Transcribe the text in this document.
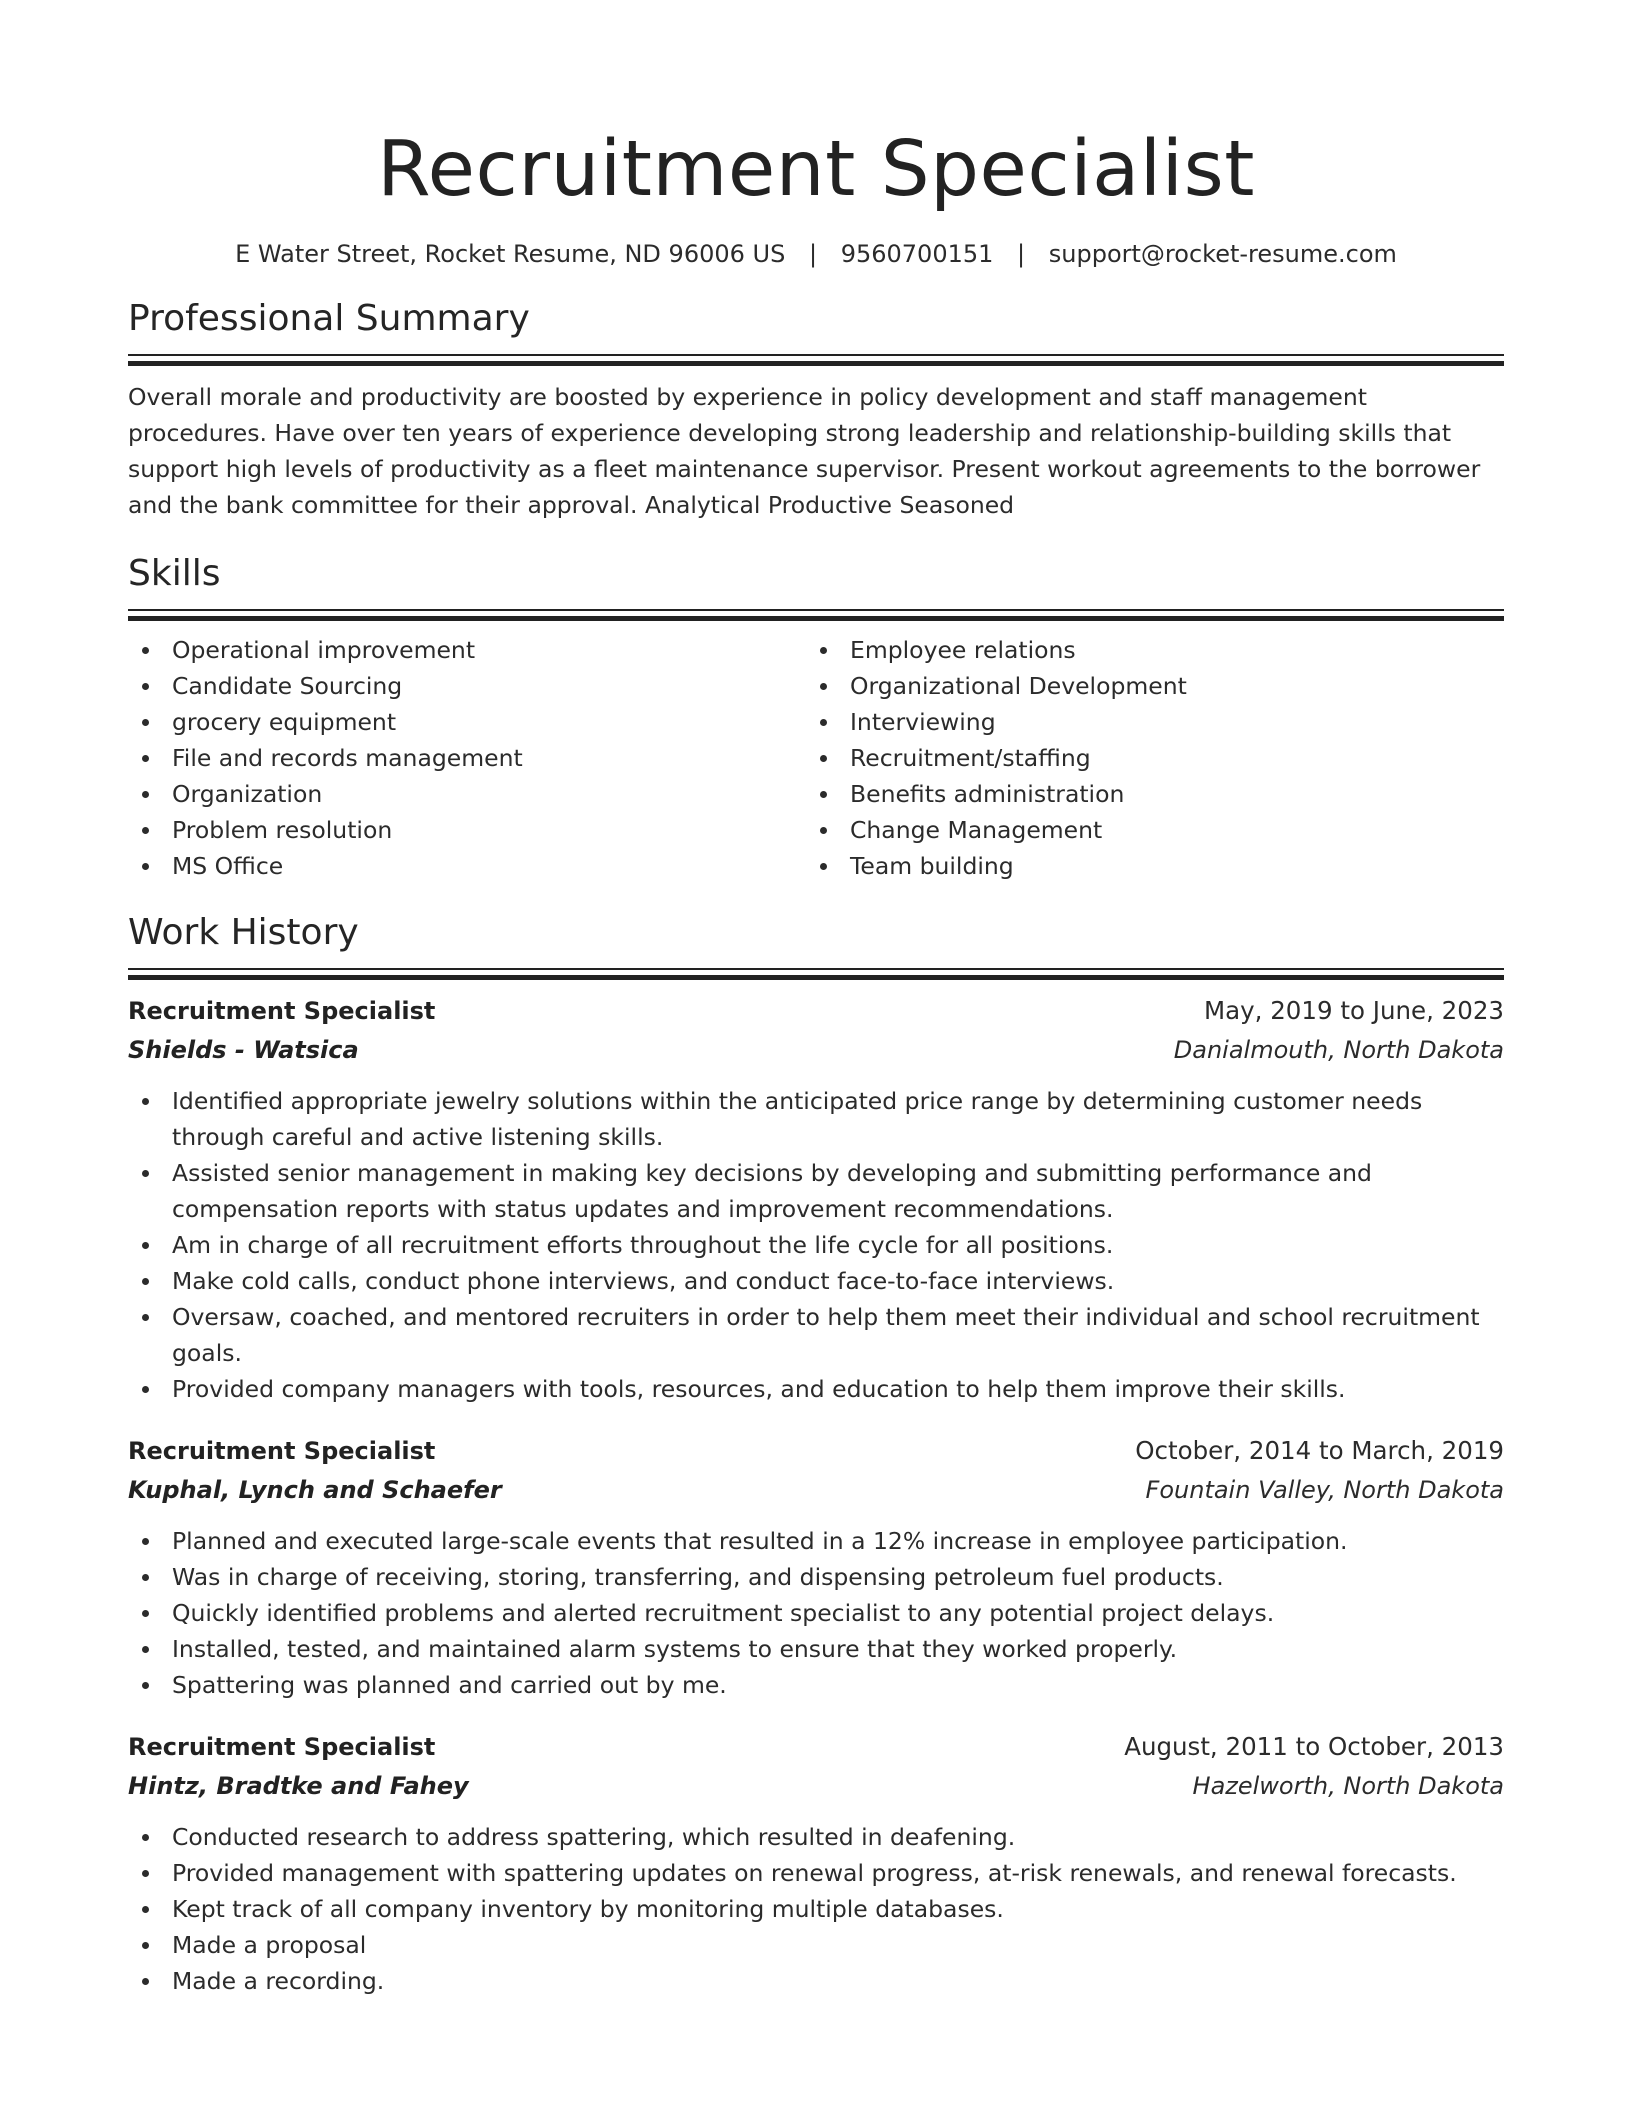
Recruitment Specialist
E Water Street, Rocket Resume, ND 96006 US | 9560700151 | support@rocket-resume.com
Professional Summary

Overall morale and productivity are boosted by experience in policy development and staff management procedures. Have over ten years of experience developing strong leadership and relationship-building skills that support high levels of productivity as a fleet maintenance supervisor. Present workout agreements to the borrower and the bank committee for their approval. Analytical Productive Seasoned

Skills
Operational improvement
Candidate Sourcing
grocery equipment
File and records management
Organization
Problem resolution
MS Office
Employee relations
Organizational Development
Interviewing
Recruitment/staffing
Benefits administration
Change Management
Team building
Work History
Recruitment Specialist	May, 2019 to June, 2023
Shields - Watsica	Danialmouth, North Dakota
Identified appropriate jewelry solutions within the anticipated price range by determining customer needs through careful and active listening skills.
Assisted senior management in making key decisions by developing and submitting performance and compensation reports with status updates and improvement recommendations.
Am in charge of all recruitment efforts throughout the life cycle for all positions.
Make cold calls, conduct phone interviews, and conduct face-to-face interviews.
Oversaw, coached, and mentored recruiters in order to help them meet their individual and school recruitment goals.
Provided company managers with tools, resources, and education to help them improve their skills.
Recruitment Specialist	October, 2014 to March, 2019
Kuphal, Lynch and Schaefer	Fountain Valley, North Dakota
Planned and executed large-scale events that resulted in a 12% increase in employee participation.
Was in charge of receiving, storing, transferring, and dispensing petroleum fuel products.
Quickly identified problems and alerted recruitment specialist to any potential project delays.
Installed, tested, and maintained alarm systems to ensure that they worked properly.
Spattering was planned and carried out by me.
Recruitment Specialist	August, 2011 to October, 2013
Hintz, Bradtke and Fahey	Hazelworth, North Dakota
Conducted research to address spattering, which resulted in deafening.
Provided management with spattering updates on renewal progress, at-risk renewals, and renewal forecasts.
Kept track of all company inventory by monitoring multiple databases.
Made a proposal
Made a recording.
